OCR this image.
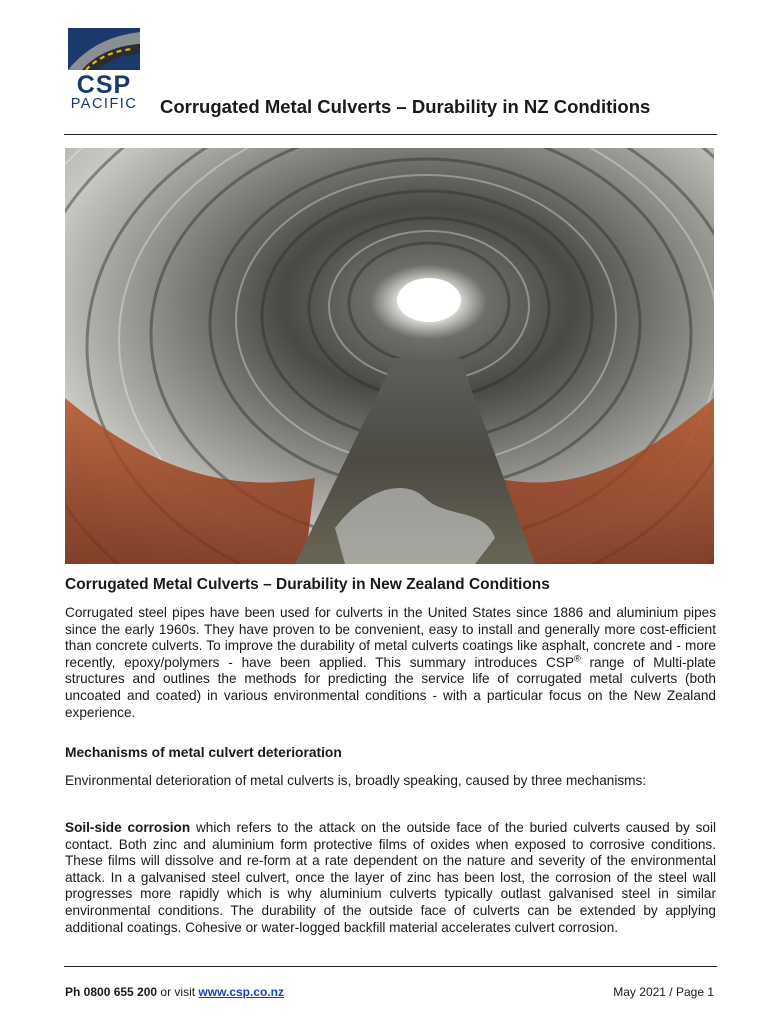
CSP
PACIFIC Corrugated Metal Culverts – Durability in NZ Conditions
Corrugated Metal Culverts – Durability in New Zealand Conditions
Corrugated steel pipes have been used for culverts in the United States since 1886 and aluminium pipes since the early 1960s. They have proven to be convenient, easy to install and generally more cost-efficient than concrete culverts. To improve the durability of metal culverts coatings like asphalt, concrete and - more recently, epoxy/polymers - have been applied. This summary introduces CSP® range of Multi-plate structures and outlines the methods for predicting the service life of corrugated metal culverts (both uncoated and coated) in various environmental conditions - with a particular focus on the New Zealand experience.
Mechanisms of metal culvert deterioration
Environmental deterioration of metal culverts is, broadly speaking, caused by three mechanisms:
Soil-side corrosion which refers to the attack on the outside face of the buried culverts caused by soil contact. Both zinc and aluminium form protective films of oxides when exposed to corrosive conditions. These films will dissolve and re-form at a rate dependent on the nature and severity of the environmental attack. In a galvanised steel culvert, once the layer of zinc has been lost, the corrosion of the steel wall progresses more rapidly which is why aluminium culverts typically outlast galvanised steel in similar environmental conditions. The durability of the outside face of culverts can be extended by applying additional coatings. Cohesive or water-logged backfill material accelerates culvert corrosion.
Ph 0800 655 200 or visit www.csp.co.nz	May 2021 / Page 1
